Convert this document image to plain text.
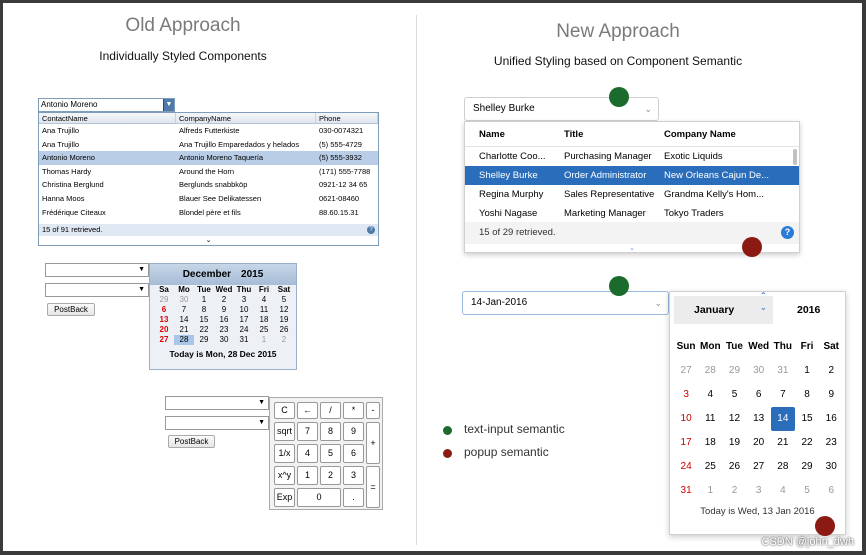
Old Approach
Individually Styled Components
Antonio Moreno	▼
ContactName	CompanyName	Phone
Ana Trujillo	Alfreds Futterkiste	030-0074321
Ana Trujillo	Ana Trujillo Emparedados y helados	(5) 555-4729
Antonio Moreno	Antonio Moreno Taquería	(5) 555-3932
Thomas Hardy	Around the Horn	(171) 555-7788
Christina Berglund	Berglunds snabbköp	0921-12 34 65
Hanna Moos	Blauer See Delikatessen	0621-08460
Frédérique Citeaux	Blondel père et fils	88.60.15.31
15 of 91 retrieved.	?
⌄
▼
▼
PostBack
December 2015
Sa	Mo Tue Wed Thu Fri	Sat
29	30	1	2	3	4	5
6	7	8	9	10	11	12
13	14	15	16	17	18	19
20	21	22	23	24	25	26
27	28	29	30	31	1	2
Today is Mon, 28 Dec 2015
▼
▼
PostBack
C	←	/	*	-
sqrt	7	8	9
+
1/x	4	5	6
x^y	1	2	3
=
Exp	0	.
New Approach
Unified Styling based on Component Semantic
Shelley Burke	⌄
Name	Title	Company Name
Charlotte Coo...	Purchasing Manager	Exotic Liquids
Shelley Burke	Order Administrator	New Orleans Cajun De...
Regina Murphy	Sales Representative	Grandma Kelly's Hom...
Yoshi Nagase	Marketing Manager	Tokyo Traders
15 of 29 retrieved.	?
⌄
14-Jan-2016	⌄
January
⌃
⌄	2016
Sun Mon Tue Wed Thu Fri	Sat
27	28	29	30	31	1	2
3	4	5	6	7	8	9
10	11	12	13	14	15	16
17	18	19	20	21	22	23
24	25	26	27	28	29	30
31	1	2	3	4	5	6
Today is Wed, 13 Jan 2016
text-input semantic
popup semantic
CSDN @john_dwh
